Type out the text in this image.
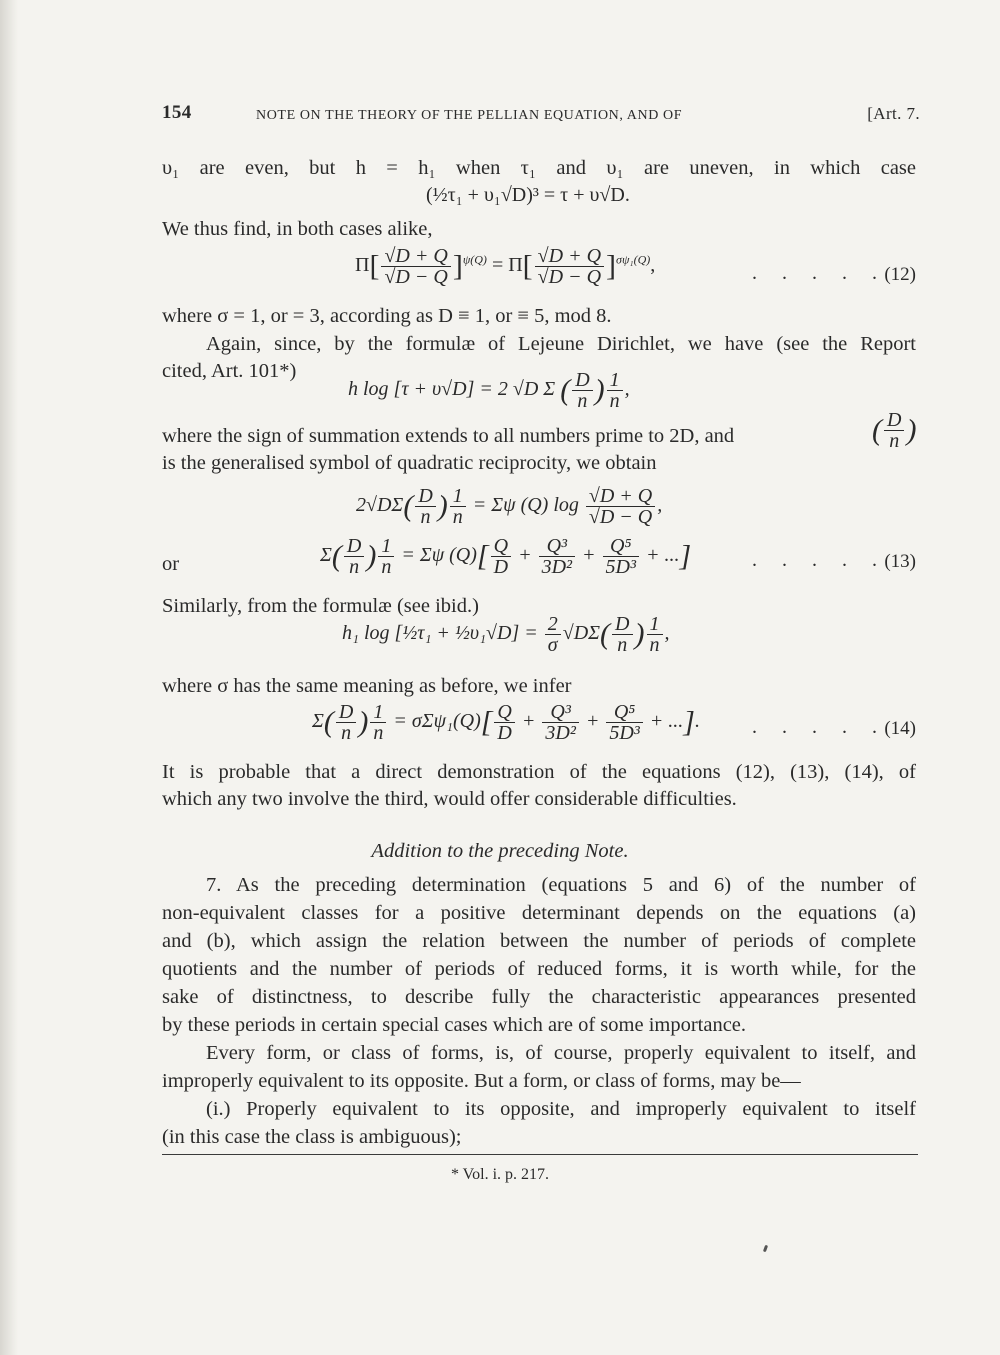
154	NOTE ON THE THEORY OF THE PELLIAN EQUATION, AND OF	[Art. 7.
υ₁ are even, but h = h₁ when τ₁ and υ₁ are uneven, in which case
(½τ₁ + υ₁√D)³ = τ + υ√D.
We thus find, in both cases alike,
$\Pi[ \frac{√D + Q}{√D - Q} ]^{\psi(Q)} = \Pi[ \frac{√D + Q}{√D - Q} ]^{\sigma\psi_1(Q)}$,	. . . . .
(12)
where σ = 1, or = 3, according as D ≡ 1, or ≡ 5, mod 8.
Again, since, by the formulæ of Lejeune Dirichlet, we have (see the Report
cited, Art. 101*)
h log [τ + υ√D] = 2 √D Σ ( $\frac{D}{n}$ ) $\frac{1}{n}$ ,
where the sign of summation extends to all numbers prime to 2D, and	( $\frac{D}{n}$ )
is the generalised symbol of quadratic reciprocity, we obtain
$2√D\Sigma( \frac{D}{n}$ ) $\frac{1}{n} = \Sigma\psi$ (Q) $\log \frac{√D + Q}{√D - Q}$ ,
or	$\Sigma( \frac{D}{n}$ ) $\frac{1}{n} = \Sigma\psi$ $(Q)[ \frac{Q}{D} + \frac{\text{Q³}}{\text{3D²}} + \frac{\text{Q⁵}}{\text{5D³}}$ + ...]	. . . . .
(13)
Similarly, from the formulæ (see ibid.)
h₁ log [½τ₁ + ½υ₁√D] = $\frac{2}{\sigma} √D\Sigma( \frac{D}{n}$ ) $\frac{1}{n}$ ,
where σ has the same meaning as before, we infer
$\Sigma( \frac{D}{n}$ ) $\frac{1}{n} = \sigma\Sigma\psi_1(Q)[ \frac{Q}{D} + \frac{\text{Q³}}{\text{3D²}} + \frac{\text{Q⁵}}{\text{5D³}}$ + ...].	. . . . .
(14)
It is probable that a direct demonstration of the equations (12), (13), (14), of
which any two involve the third, would offer considerable difficulties.
Addition to the preceding Note.
7. As the preceding determination (equations 5 and 6) of the number of
non-equivalent classes for a positive determinant depends on the equations (a)
and (b), which assign the relation between the number of periods of complete
quotients and the number of periods of reduced forms, it is worth while, for the
sake of distinctness, to describe fully the characteristic appearances presented
by these periods in certain special cases which are of some importance.
Every form, or class of forms, is, of course, properly equivalent to itself, and
improperly equivalent to its opposite. But a form, or class of forms, may be—
(i.) Properly equivalent to its opposite, and improperly equivalent to itself
(in this case the class is ambiguous);
* Vol. i. p. 217.
